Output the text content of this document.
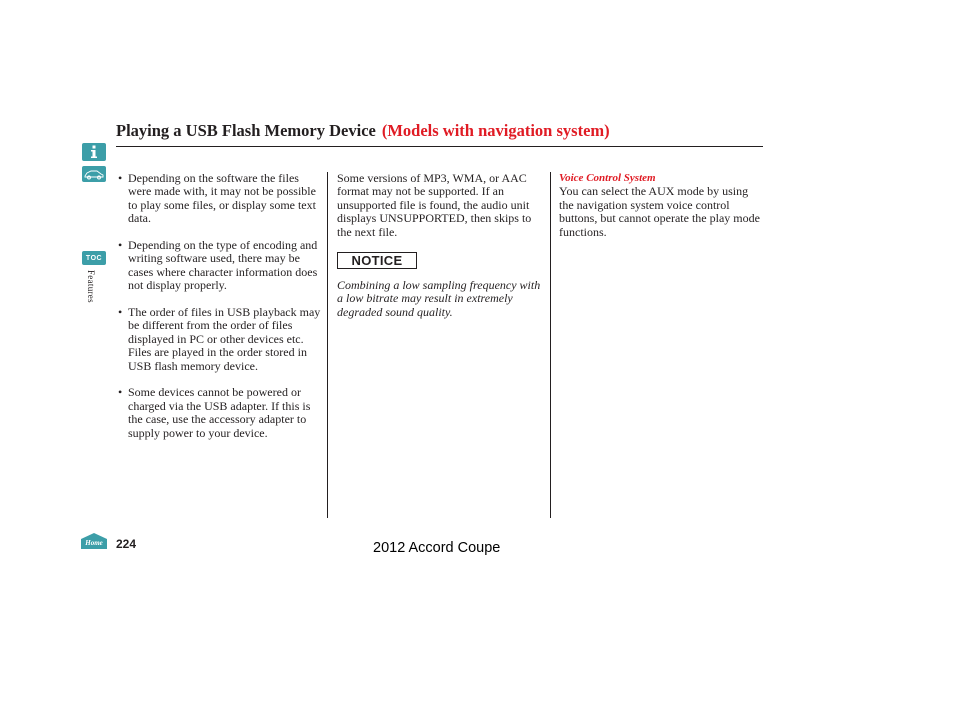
Playing a USB Flash Memory Device (Models with navigation system)
TOC

Features

Home
• Depending on the software the files were made with, it may not be possible to play some files, or display some text data.
• Depending on the type of encoding and writing software used, there may be cases where character information does not display properly.
• The order of files in USB playback may be different from the order of files displayed in PC or other devices etc. Files are played in the order stored in USB flash memory device.
• Some devices cannot be powered or charged via the USB adapter. If this is the case, use the accessory adapter to supply power to your device.

Some versions of MP3, WMA, or AAC format may not be supported. If an unsupported file is found, the audio unit displays UNSUPPORTED, then skips to the next file.

NOTICE

Combining a low sampling frequency with a low bitrate may result in extremely degraded sound quality.

Voice Control System

You can select the AUX mode by using the navigation system voice control buttons, but cannot operate the play mode functions.

224	2012 Accord Coupe
